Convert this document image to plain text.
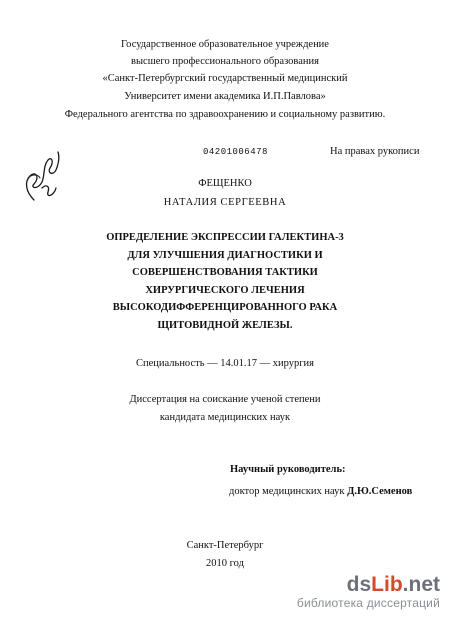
Государственное образовательное учреждение
высшего профессионального образования
«Санкт-Петербургский государственный медицинский
Университет имени академика И.П.Павлова»
Федерального агентства по здравоохранению и социальному развитию.
04201006478	На правах рукописи
ФЕЩЕНКО
НАТАЛИЯ СЕРГЕЕВНА
ОПРЕДЕЛЕНИЕ ЭКСПРЕССИИ ГАЛЕКТИНА-3
ДЛЯ УЛУЧШЕНИЯ ДИАГНОСТИКИ И
СОВЕРШЕНСТВОВАНИЯ ТАКТИКИ
ХИРУРГИЧЕСКОГО ЛЕЧЕНИЯ
ВЫСОКОДИФФЕРЕНЦИРОВАННОГО РАКА
ЩИТОВИДНОЙ ЖЕЛЕЗЫ.
Специальность — 14.01.17 — хирургия
Диссертация на соискание ученой степени
кандидата медицинских наук
Научный руководитель:
доктор медицинских наук Д.Ю.Семенов
Санкт-Петербург
2010 год
dsLib.net
библиотека диссертаций
